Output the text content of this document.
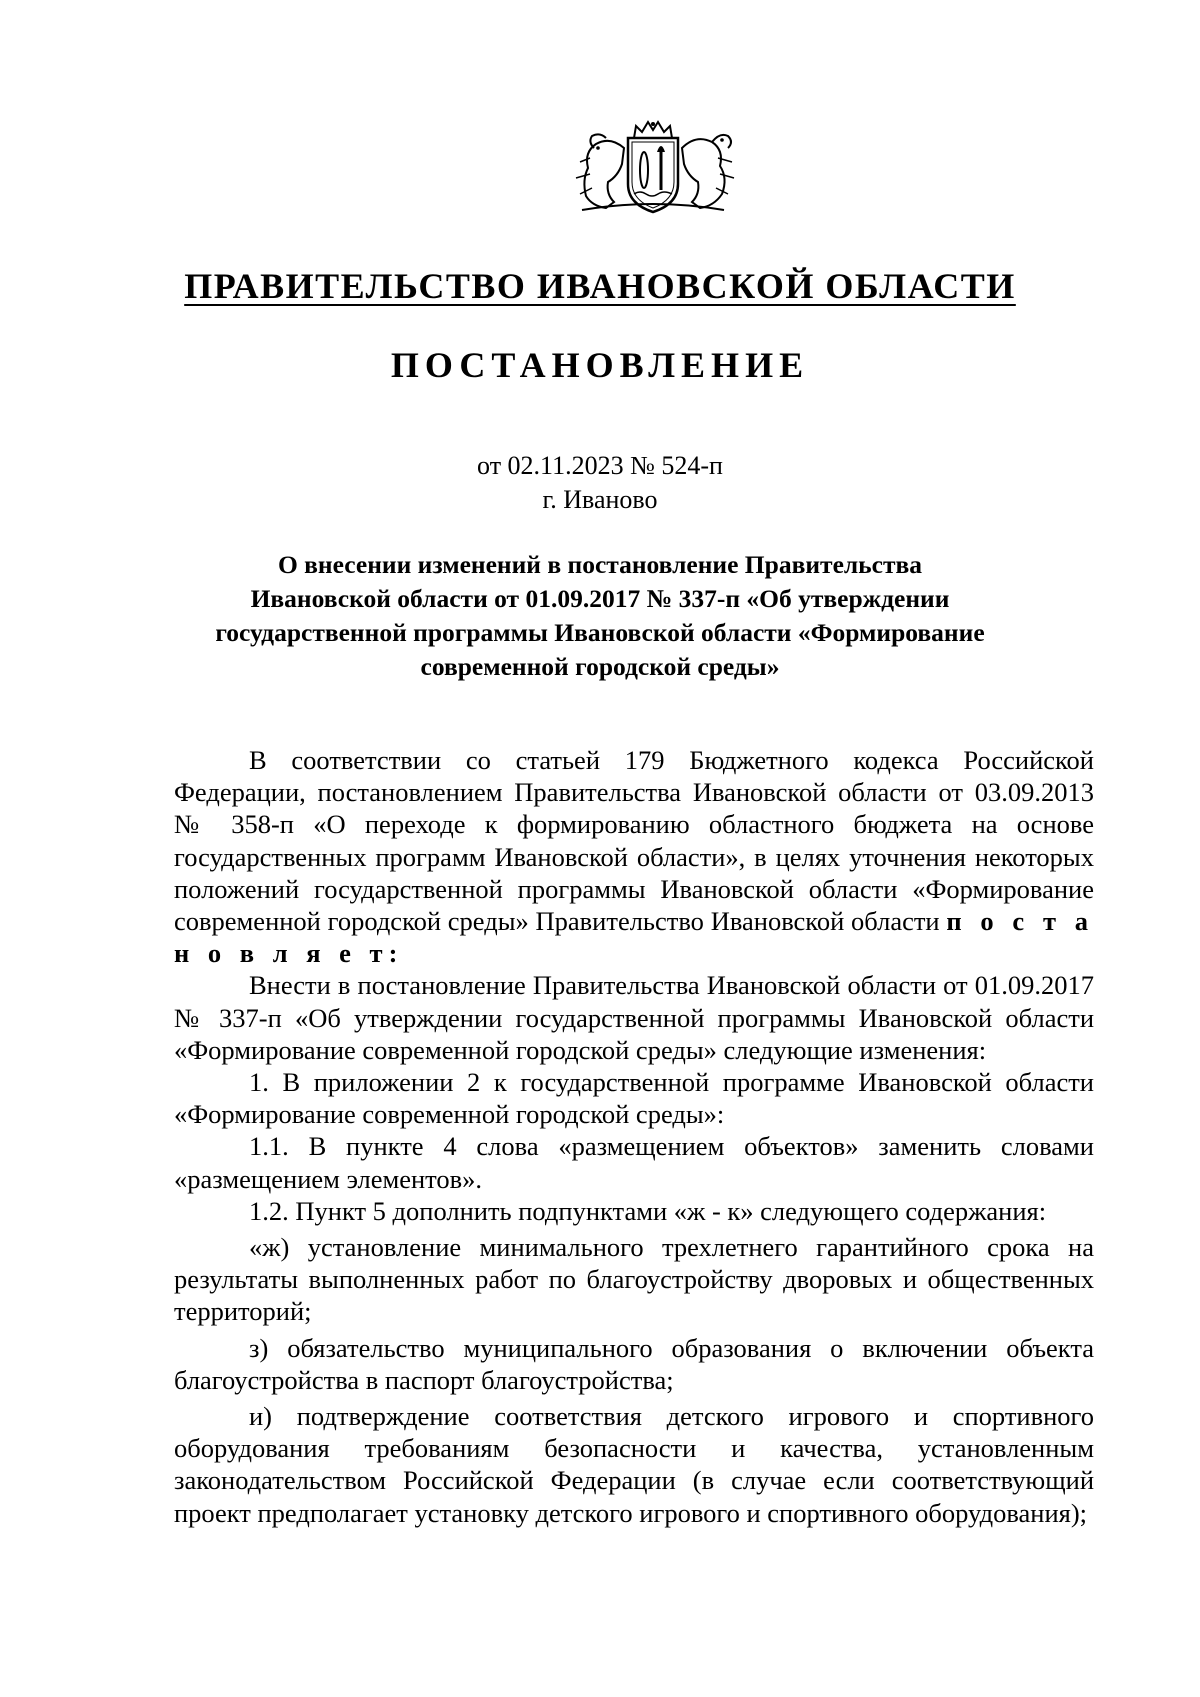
ПРАВИТЕЛЬСТВО ИВАНОВСКОЙ ОБЛАСТИ
ПОСТАНОВЛЕНИЕ
от 02.11.2023 № 524-п
г. Иваново
О внесении изменений в постановление Правительства
Ивановской области от 01.09.2017 № 337-п «Об утверждении
государственной программы Ивановской области «Формирование
современной городской среды»

В соответствии со статьей 179 Бюджетного кодекса Российской Федерации, постановлением Правительства Ивановской области от 03.09.2013 № 358-п «О переходе к формированию областного бюджета на основе государственных программ Ивановской области», в целях уточнения некоторых положений государственной программы Ивановской области «Формирование современной городской среды» Правительство Ивановской области п о с т а н о в л я е т:

Внести в постановление Правительства Ивановской области от 01.09.2017 № 337-п «Об утверждении государственной программы Ивановской области «Формирование современной городской среды» следующие изменения:

1. В приложении 2 к государственной программе Ивановской области «Формирование современной городской среды»:

1.1. В пункте 4 слова «размещением объектов» заменить словами «размещением элементов».

1.2. Пункт 5 дополнить подпунктами «ж - к» следующего содержания:

«ж) установление минимального трехлетнего гарантийного срока на результаты выполненных работ по благоустройству дворовых и общественных территорий;

з) обязательство муниципального образования о включении объекта благоустройства в паспорт благоустройства;

и) подтверждение соответствия детского игрового и спортивного оборудования требованиям безопасности и качества, установленным законодательством Российской Федерации (в случае если соответствующий проект предполагает установку детского игрового и спортивного оборудования);
